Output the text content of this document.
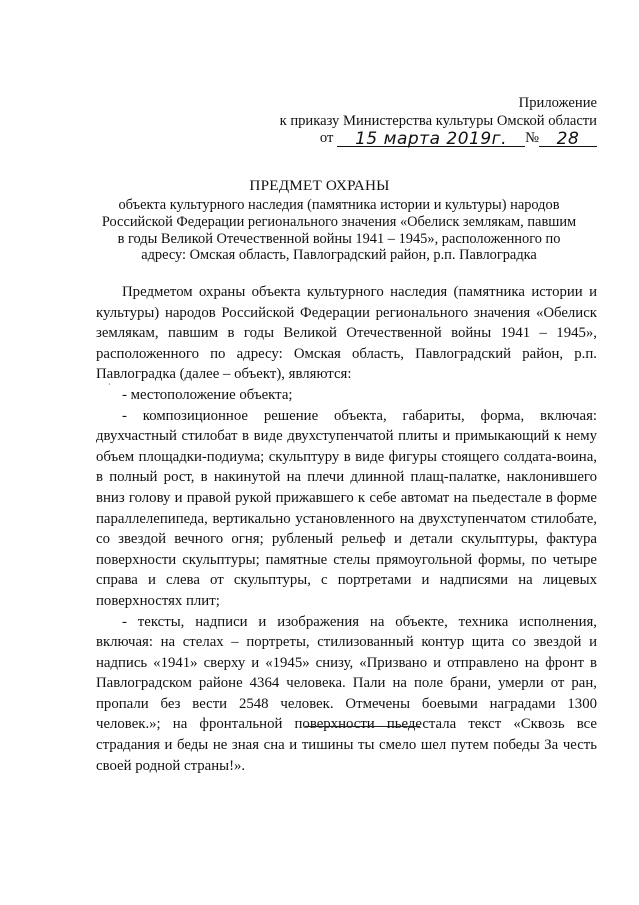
Приложение
к приказу Министерства культуры Омской области
от	15 марта 2019г.	№	28
ПРЕДМЕТ ОХРАНЫ
объекта культурного наследия (памятника истории и культуры) народов
Российской Федерации регионального значения «Обелиск землякам, павшим
в годы Великой Отечественной войны 1941 – 1945», расположенного по
адресу: Омская область, Павлоградский район, р.п. Павлоградка
·

Предметом охраны объекта культурного наследия (памятника истории и культуры) народов Российской Федерации регионального значения «Обелиск землякам, павшим в годы Великой Отечественной войны 1941 – 1945», расположенного по адресу: Омская область, Павлоградский район, р.п. Павлоградка (далее – объект), являются:

- местоположение объекта;

- композиционное решение объекта, габариты, форма, включая: двухчастный стилобат в виде двухступенчатой плиты и примыкающий к нему объем площадки-подиума; скульптуру в виде фигуры стоящего солдата-воина, в полный рост, в накинутой на плечи длинной плащ-палатке, наклонившего вниз голову и правой рукой прижавшего к себе автомат на пьедестале в форме параллелепипеда, вертикально установленного на двухступенчатом стилобате, со звездой вечного огня; рубленый рельеф и детали скульптуры, фактура поверхности скульптуры; памятные стелы прямоугольной формы, по четыре справа и слева от скульптуры, с портретами и надписями на лицевых поверхностях плит;

- тексты, надписи и изображения на объекте, техника исполнения, включая: на стелах – портреты, стилизованный контур щита со звездой и надпись «1941» сверху и «1945» снизу, «Призвано и отправлено на фронт в Павлоградском районе 4364 человека. Пали на поле брани, умерли от ран, пропали без вести 2548 человек. Отмечены боевыми наградами 1300 человек.»; на фронтальной поверхности пьедестала текст «Сквозь все страдания и беды не зная сна и тишины ты смело шел путем победы За честь своей родной страны!».
